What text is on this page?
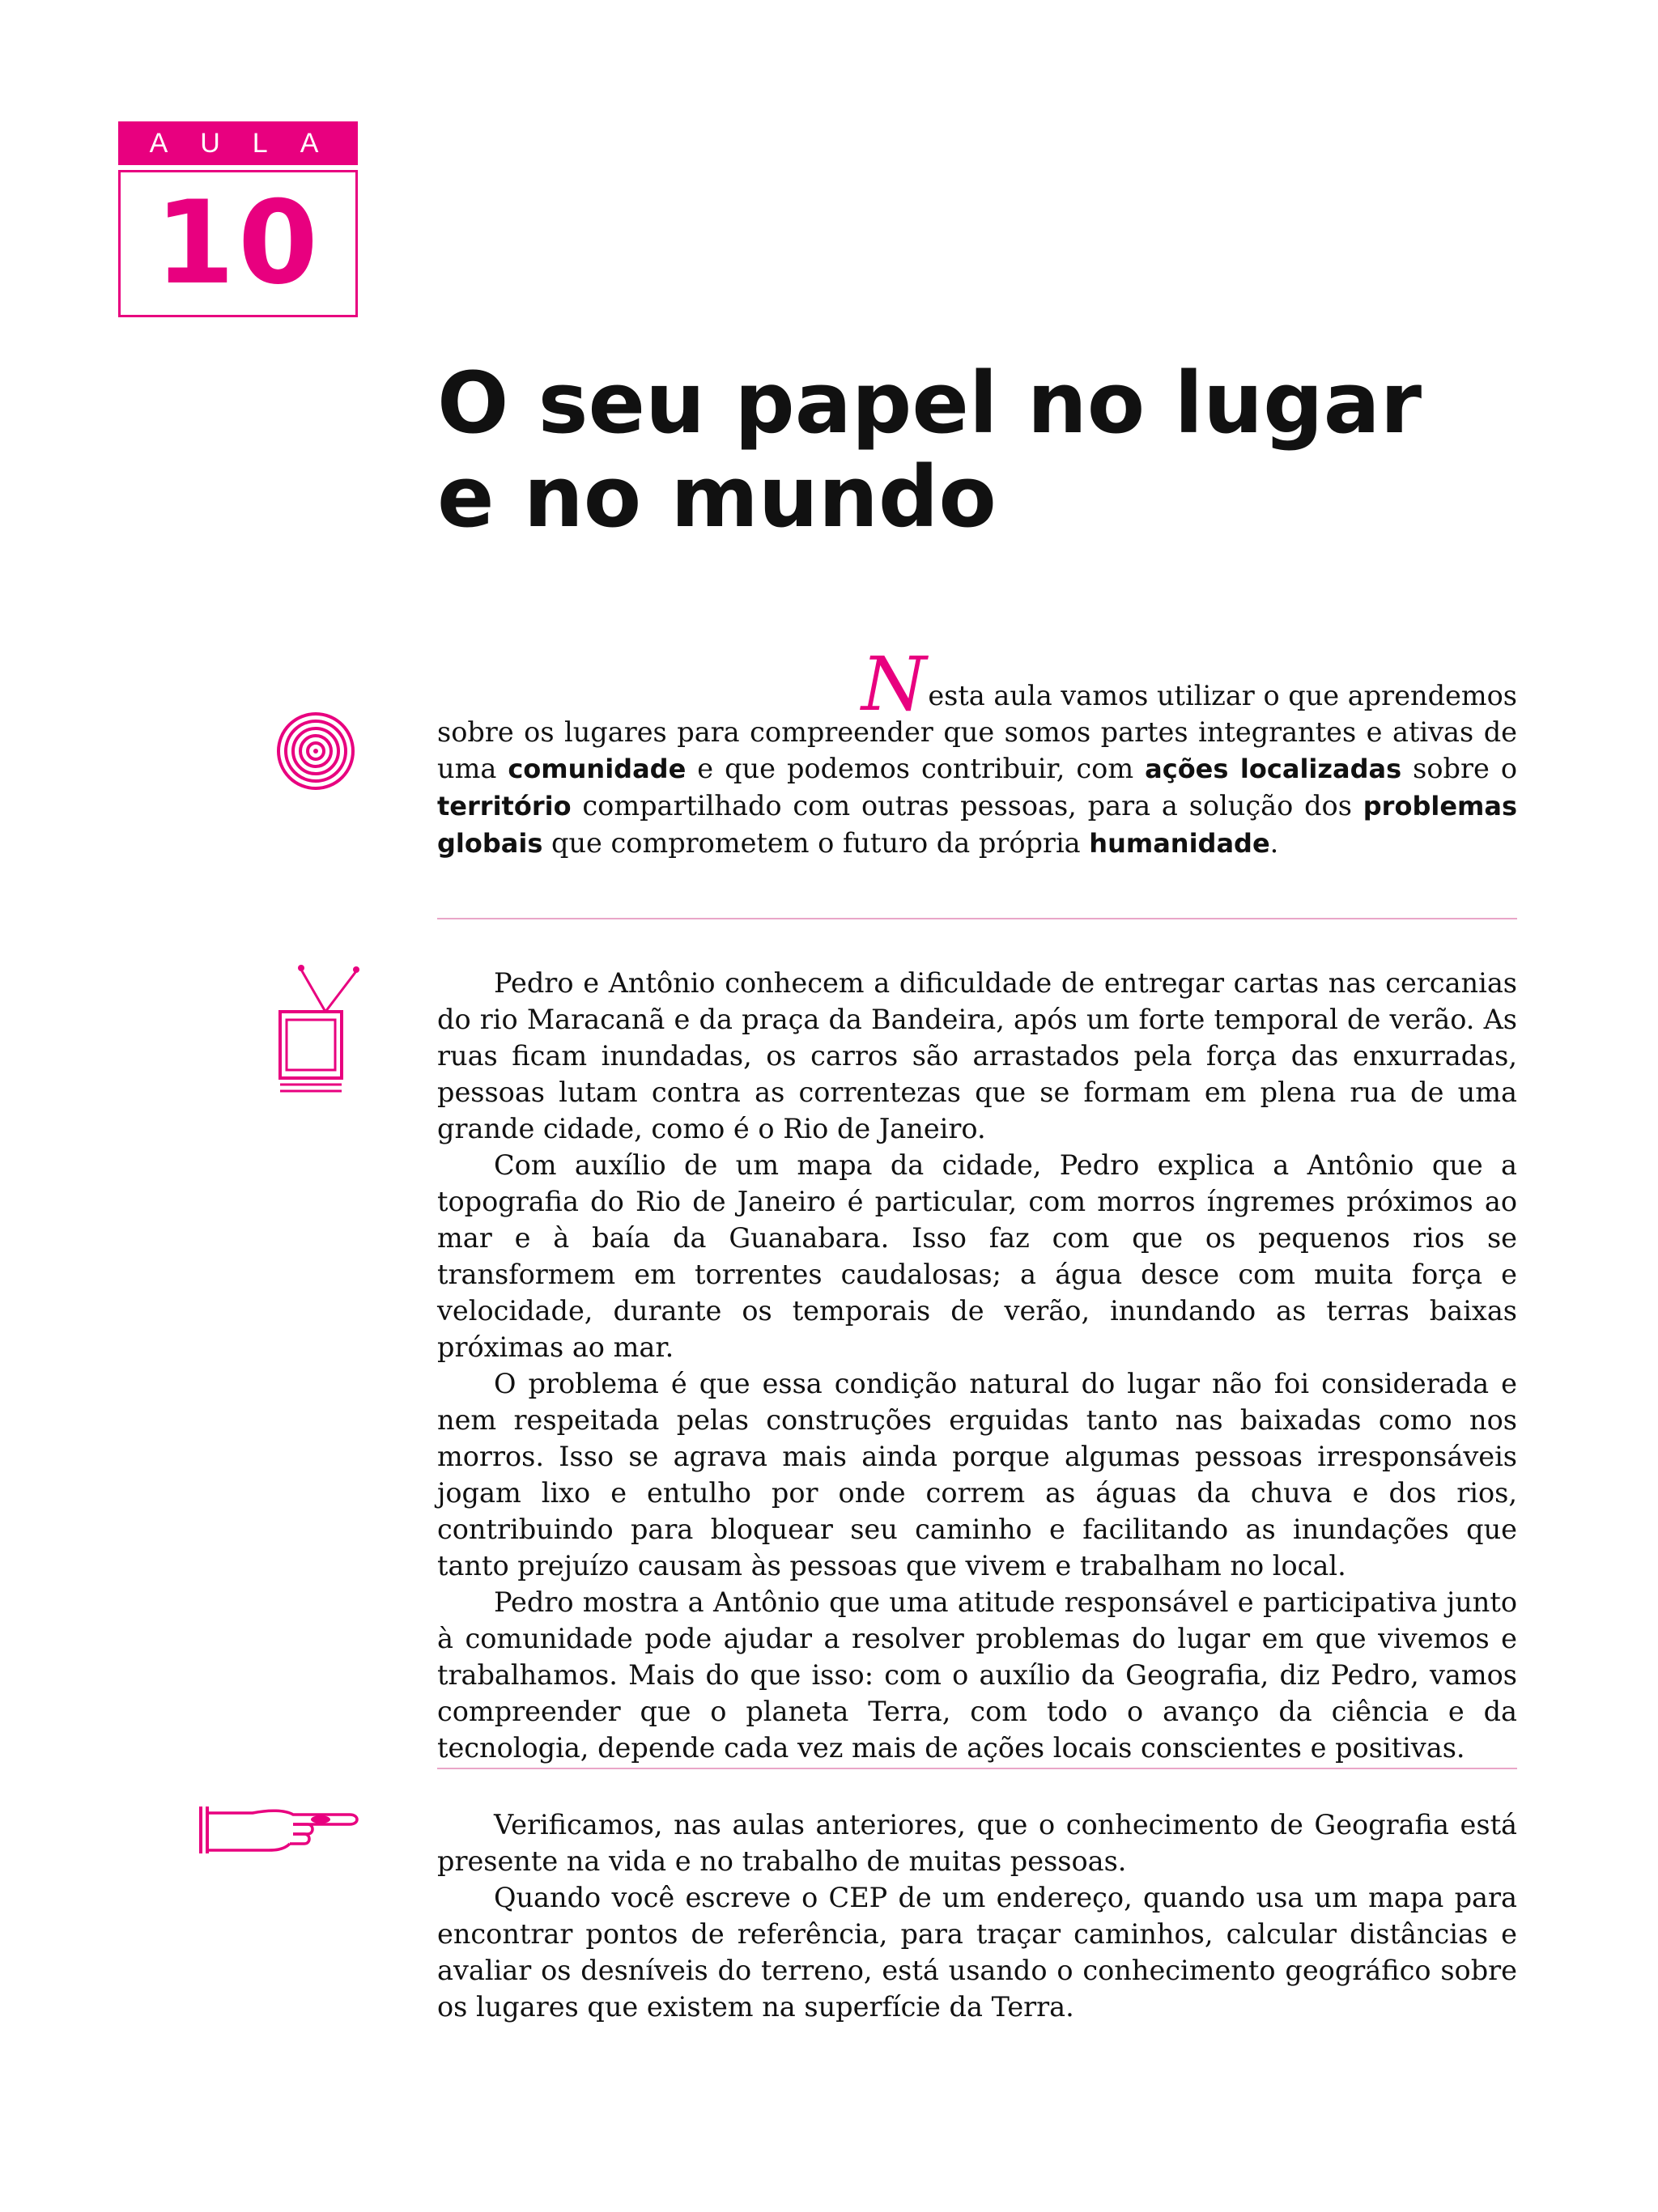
AULA
10
O seu papel no lugar
e no mundo

Nesta aula vamos utilizar o que aprendemos
sobre os lugares para compreender que somos partes integrantes e ativas de uma comunidade e que podemos contribuir, com ações localizadas sobre o território compartilhado com outras pessoas, para a solução dos problemas globais que comprometem o futuro da própria humanidade.

Pedro e Antônio conhecem a dificuldade de entregar cartas nas cercanias do rio Maracanã e da praça da Bandeira, após um forte temporal de verão. As ruas ficam inundadas, os carros são arrastados pela força das enxurradas, pessoas lutam contra as correntezas que se formam em plena rua de uma grande cidade, como é o Rio de Janeiro.

Com auxílio de um mapa da cidade, Pedro explica a Antônio que a topografia do Rio de Janeiro é particular, com morros íngremes próximos ao mar e à baía da Guanabara. Isso faz com que os pequenos rios se transformem em torrentes caudalosas; a água desce com muita força e velocidade, durante os temporais de verão, inundando as terras baixas próximas ao mar.

O problema é que essa condição natural do lugar não foi considerada e nem respeitada pelas construções erguidas tanto nas baixadas como nos morros. Isso se agrava mais ainda porque algumas pessoas irresponsáveis jogam lixo e entulho por onde correm as águas da chuva e dos rios, contribuindo para bloquear seu caminho e facilitando as inundações que tanto prejuízo causam às pessoas que vivem e trabalham no local.

Pedro mostra a Antônio que uma atitude responsável e participativa junto à comunidade pode ajudar a resolver problemas do lugar em que vivemos e trabalhamos. Mais do que isso: com o auxílio da Geografia, diz Pedro, vamos compreender que o planeta Terra, com todo o avanço da ciência e da tecnologia, depende cada vez mais de ações locais conscientes e positivas.

Verificamos, nas aulas anteriores, que o conhecimento de Geografia está presente na vida e no trabalho de muitas pessoas.

Quando você escreve o CEP de um endereço, quando usa um mapa para encontrar pontos de referência, para traçar caminhos, calcular distâncias e avaliar os desníveis do terreno, está usando o conhecimento geográfico sobre os lugares que existem na superfície da Terra.
